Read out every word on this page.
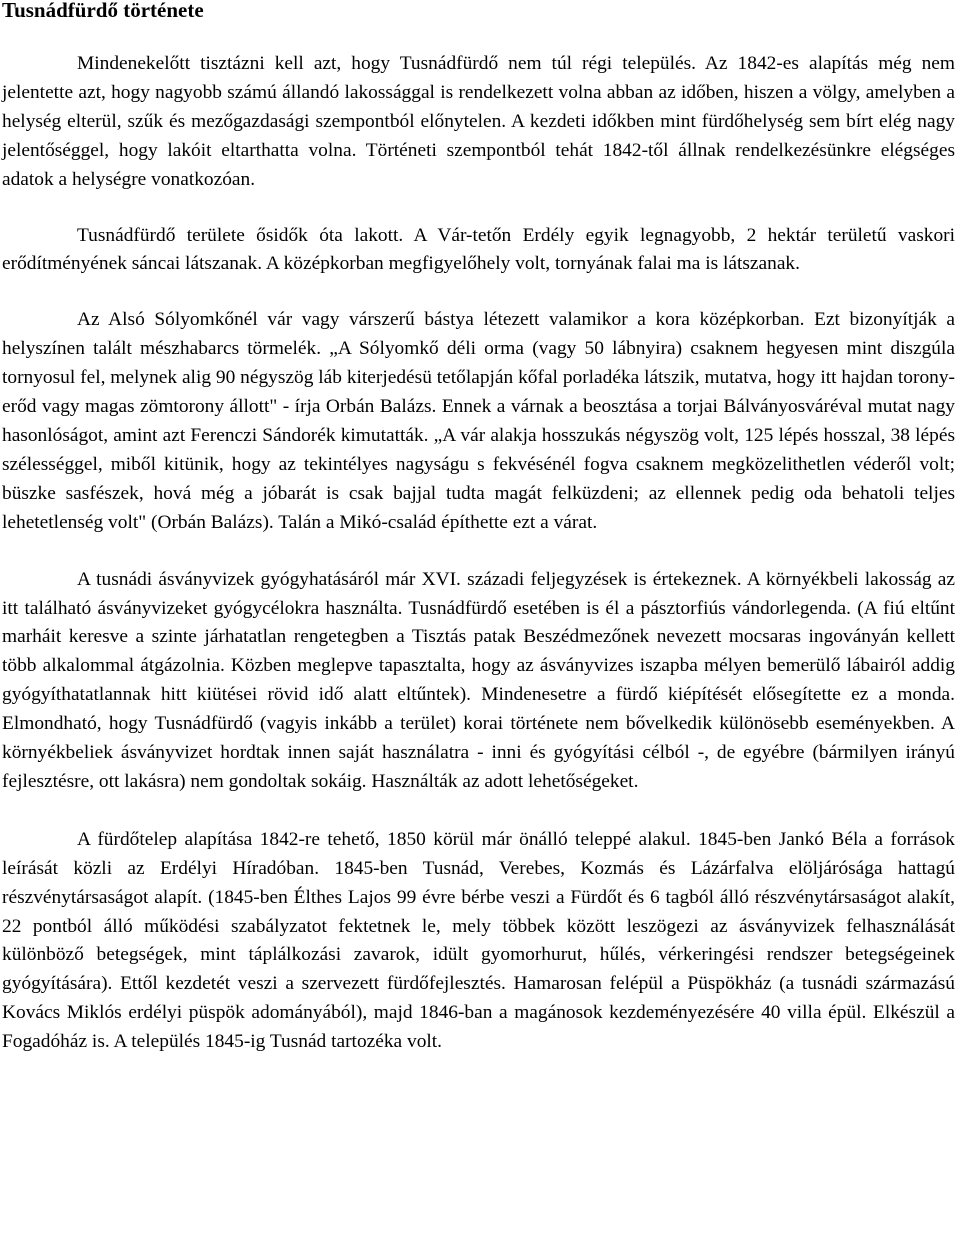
Tusnádfürdő története

Mindenekelőtt tisztázni kell azt, hogy Tusnádfürdő nem túl régi település. Az 1842-es alapítás még nem jelentette azt, hogy nagyobb számú állandó lakossággal is rendelkezett volna abban az időben, hiszen a völgy, amelyben a helység elterül, szűk és mezőgazdasági szempontból előnytelen. A kezdeti időkben mint fürdőhelység sem bírt elég nagy jelentőséggel, hogy lakóit eltarthatta volna. Történeti szempontból tehát 1842-től állnak rendelkezésünkre elégséges adatok a helységre vonatkozóan.

Tusnádfürdő területe ősidők óta lakott. A Vár-tetőn Erdély egyik legnagyobb, 2 hektár területű vaskori erődítményének sáncai látszanak. A középkorban megfigyelőhely volt, tornyának falai ma is látszanak.

Az Alsó Sólyomkőnél vár vagy várszerű bástya létezett valamikor a kora középkorban. Ezt bizonyítják a helyszínen talált mészhabarcs törmelék. „A Sólyomkő déli orma (vagy 50 lábnyira) csaknem hegyesen mint diszgúla tornyosul fel, melynek alig 90 négyszög láb kiterjedésü tetőlapján kőfal porladéka látszik, mutatva, hogy itt hajdan torony-erőd vagy magas zömtorony állott" - írja Orbán Balázs. Ennek a várnak a beosztása a torjai Bálványosváréval mutat nagy hasonlóságot, amint azt Ferenczi Sándorék kimutatták. „A vár alakja hosszukás négyszög volt, 125 lépés hosszal, 38 lépés szélességgel, miből kitünik, hogy az tekintélyes nagyságu s fekvésénél fogva csaknem megközelithetlen véderől volt; büszke sasfészek, hová még a jóbarát is csak bajjal tudta magát felküzdeni; az ellennek pedig oda behatoli teljes lehetetlenség volt" (Orbán Balázs). Talán a Mikó-család építhette ezt a várat.

A tusnádi ásványvizek gyógyhatásáról már XVI. századi feljegyzések is értekeznek. A környékbeli lakosság az itt található ásványvizeket gyógycélokra használta. Tusnádfürdő esetében is él a pásztorfiús vándorlegenda. (A fiú eltűnt marháit keresve a szinte járhatatlan rengetegben a Tisztás patak Beszédmezőnek nevezett mocsaras ingoványán kellett több alkalommal átgázolnia. Közben meglepve tapasztalta, hogy az ásványvizes iszapba mélyen bemerülő lábairól addig gyógyíthatatlannak hitt kiütései rövid idő alatt eltűntek). Mindenesetre a fürdő kiépítését elősegítette ez a monda. Elmondható, hogy Tusnádfürdő (vagyis inkább a terület) korai története nem bővelkedik különösebb eseményekben. A környékbeliek ásványvizet hordtak innen saját használatra - inni és gyógyítási célból -, de egyébre (bármilyen irányú fejlesztésre, ott lakásra) nem gondoltak sokáig. Használták az adott lehetőségeket.

A fürdőtelep alapítása 1842-re tehető, 1850 körül már önálló teleppé alakul. 1845-ben Jankó Béla a források leírását közli az Erdélyi Híradóban. 1845-ben Tusnád, Verebes, Kozmás és Lázárfalva elöljárósága hattagú részvénytársaságot alapít. (1845-ben Élthes Lajos 99 évre bérbe veszi a Fürdőt és 6 tagból álló részvénytársaságot alakít, 22 pontból álló működési szabályzatot fektetnek le, mely többek között leszögezi az ásványvizek felhasználását különböző betegségek, mint táplálkozási zavarok, idült gyomorhurut, hűlés, vérkeringési rendszer betegségeinek gyógyítására). Ettől kezdetét veszi a szervezett fürdőfejlesztés. Hamarosan felépül a Püspökház (a tusnádi származású Kovács Miklós erdélyi püspök adományából), majd 1846-ban a magánosok kezdeményezésére 40 villa épül. Elkészül a Fogadóház is. A település 1845-ig Tusnád tartozéka volt.
